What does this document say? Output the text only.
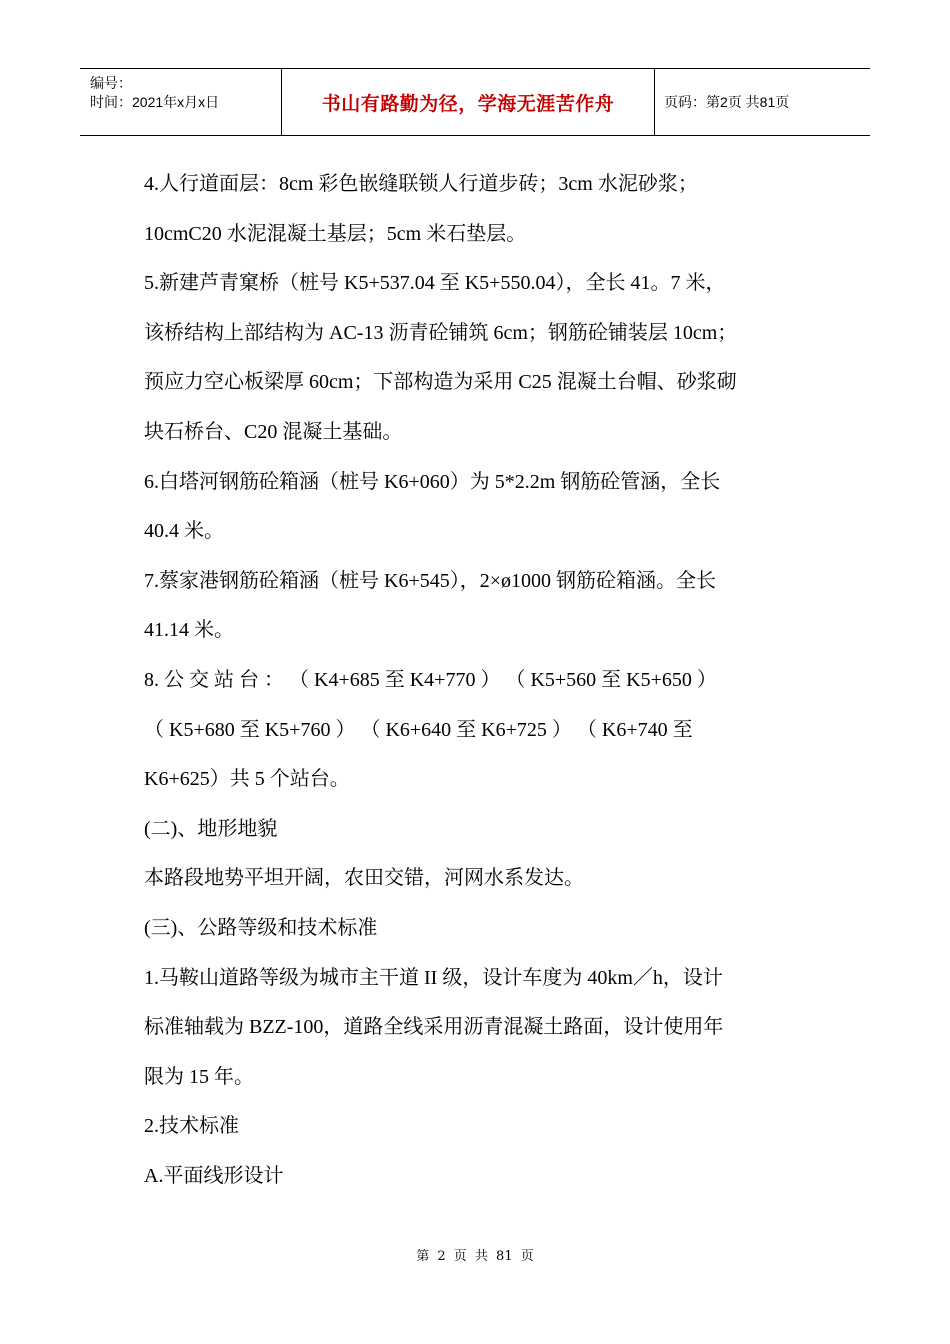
编号：
时间：2021年x月x日	书山有路勤为径，学海无涯苦作舟	页码：第2页 共81页

4.人行道面层：8cm 彩色嵌缝联锁人行道步砖；3cm 水泥砂浆；

10cmC20 水泥混凝土基层；5cm 米石垫层。

5.新建芦青窠桥（桩号 K5+537.04 至 K5+550.04），全长 41。7 米，

该桥结构上部结构为 AC-13 沥青砼铺筑 6cm；钢筋砼铺装层 10cm；

预应力空心板梁厚 60cm；下部构造为采用 C25 混凝土台帽、砂浆砌

块石桥台、C20 混凝土基础。

6.白塔河钢筋砼箱涵（桩号 K6+060）为 5*2.2m 钢筋砼管涵，全长

40.4 米。

7.蔡家港钢筋砼箱涵（桩号 K6+545），2×ø1000 钢筋砼箱涵。全长

41.14 米。

8. 公 交 站 台 ： （ K4+685 至 K4+770 ） （ K5+560 至 K5+650 ）

（ K5+680 至 K5+760 ） （ K6+640 至 K6+725 ） （ K6+740 至

K6+625）共 5 个站台。

(二)、地形地貌

本路段地势平坦开阔，农田交错，河网水系发达。

(三)、公路等级和技术标准

1.马鞍山道路等级为城市主干道 II 级，设计车度为 40km／h，设计

标准轴载为 BZZ-100，道路全线采用沥青混凝土路面，设计使用年

限为 15 年。

2.技术标准

A.平面线形设计

第 2 页 共 81 页
